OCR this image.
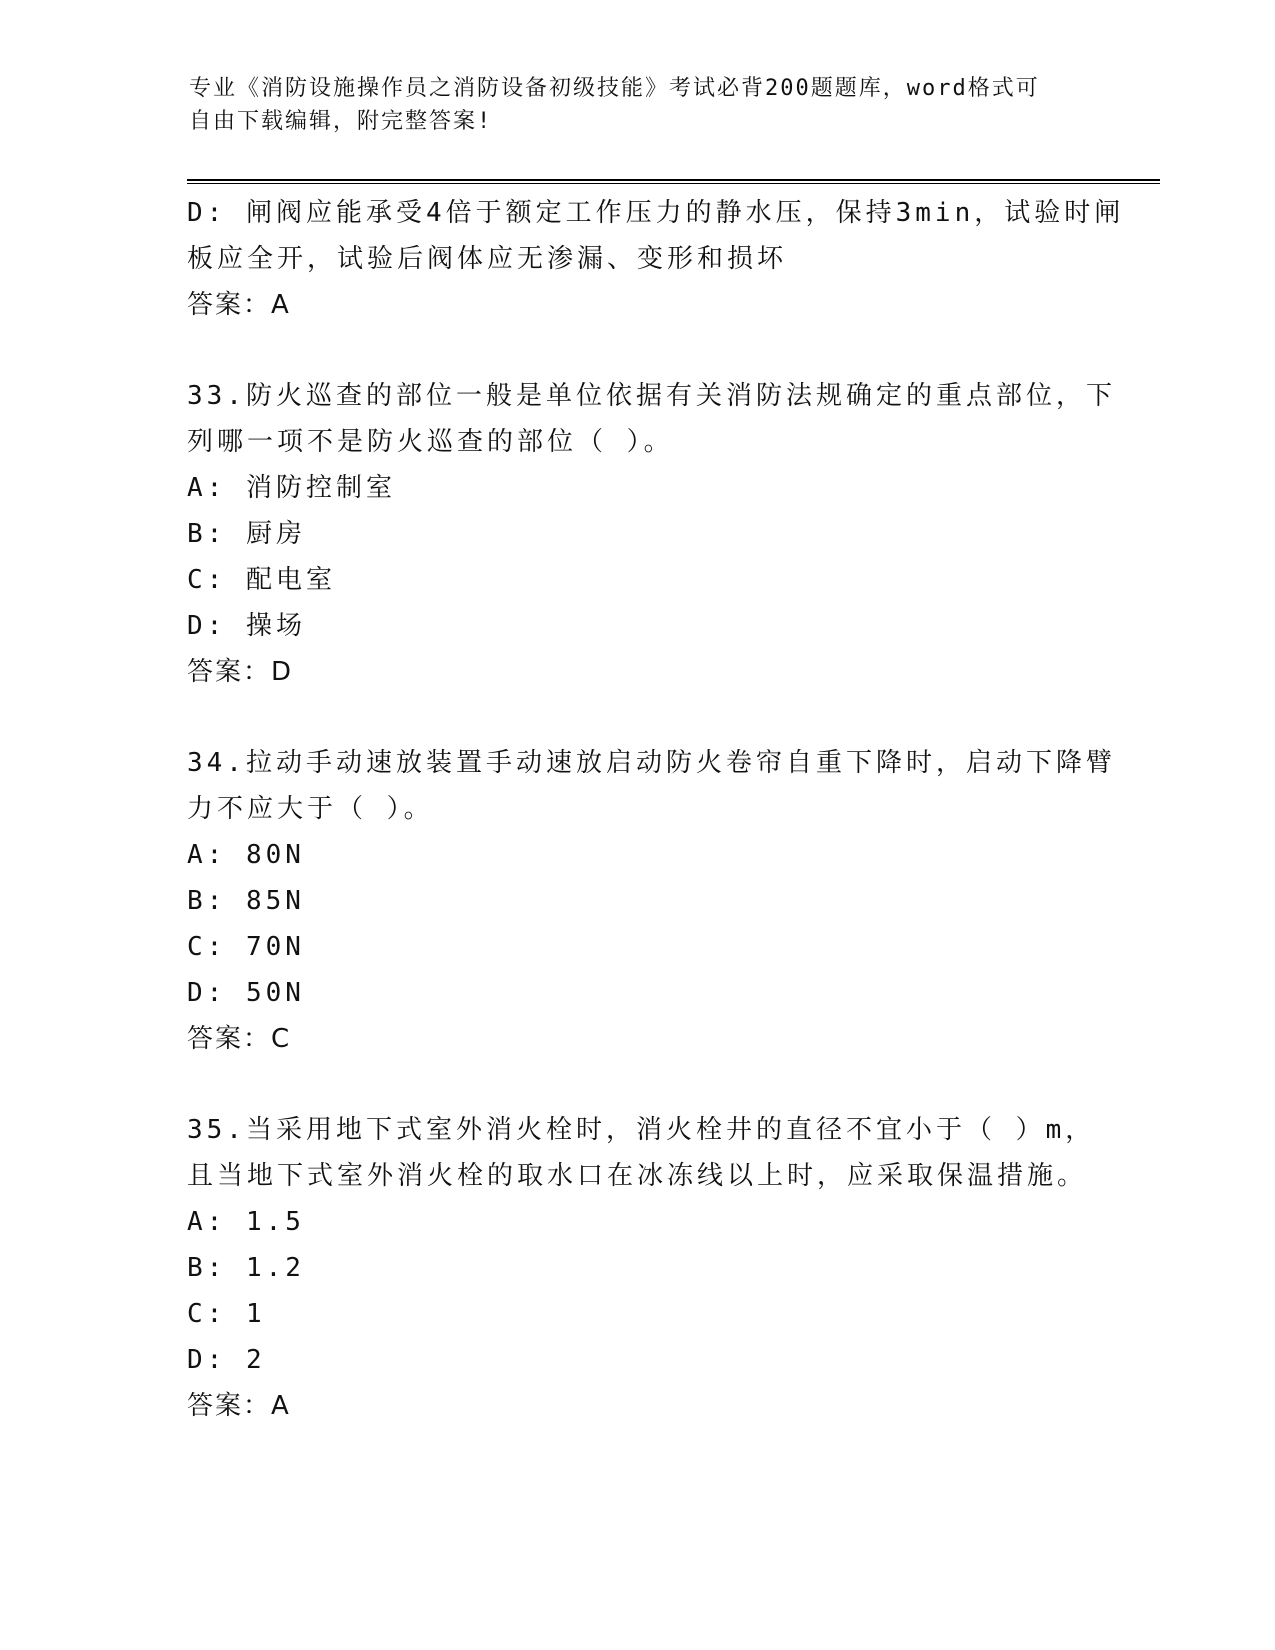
专业《消防设施操作员之消防设备初级技能》考试必背200题题库，word格式可
自由下载编辑，附完整答案!
D: 闸阀应能承受4倍于额定工作压力的静水压，保持3min，试验时闸
板应全开，试验后阀体应无渗漏、变形和损坏
答案：A
33.防火巡查的部位一般是单位依据有关消防法规确定的重点部位，下
列哪一项不是防火巡查的部位（ ）。
A: 消防控制室
B: 厨房
C: 配电室
D: 操场
答案：D
34.拉动手动速放装置手动速放启动防火卷帘自重下降时，启动下降臂
力不应大于（ ）。
A: 80N
B: 85N
C: 70N
D: 50N
答案：C
35.当采用地下式室外消火栓时，消火栓井的直径不宜小于（ ）m，
且当地下式室外消火栓的取水口在冰冻线以上时，应采取保温措施。
A: 1.5
B: 1.2
C: 1
D: 2
答案：A
